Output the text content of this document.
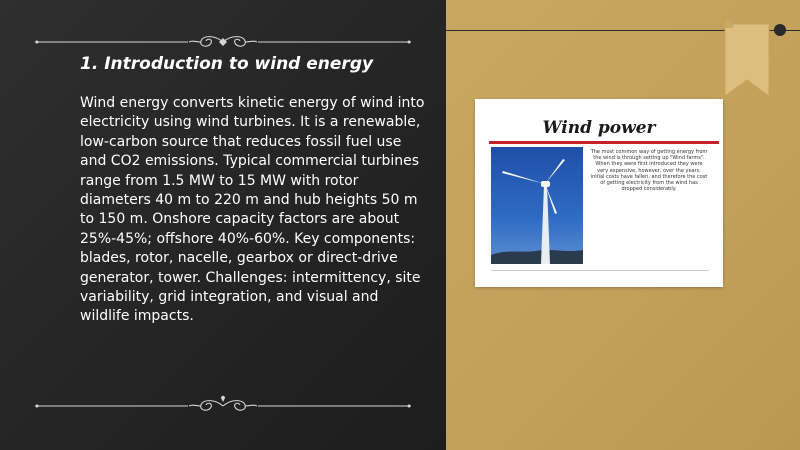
1. Introduction to wind energy

Wind energy converts kinetic energy of wind into electricity using wind turbines. It is a renewable, low-carbon source that reduces fossil fuel use and CO2 emissions. Typical commercial turbines range from 1.5 MW to 15 MW with rotor diameters 40 m to 220 m and hub heights 50 m to 150 m. Onshore capacity factors are about 25%-45%; offshore 40%-60%. Key components: blades, rotor, nacelle, gearbox or direct-drive generator, tower. Challenges: intermittency, site variability, grid integration, and visual and wildlife impacts.

Wind power
The most common way of getting energy from the wind is through setting up "Wind farms". When they were first introduced they were very expensive, however, over the years, initial costs have fallen, and therefore the cost of getting electricity from the wind has dropped considerably.
